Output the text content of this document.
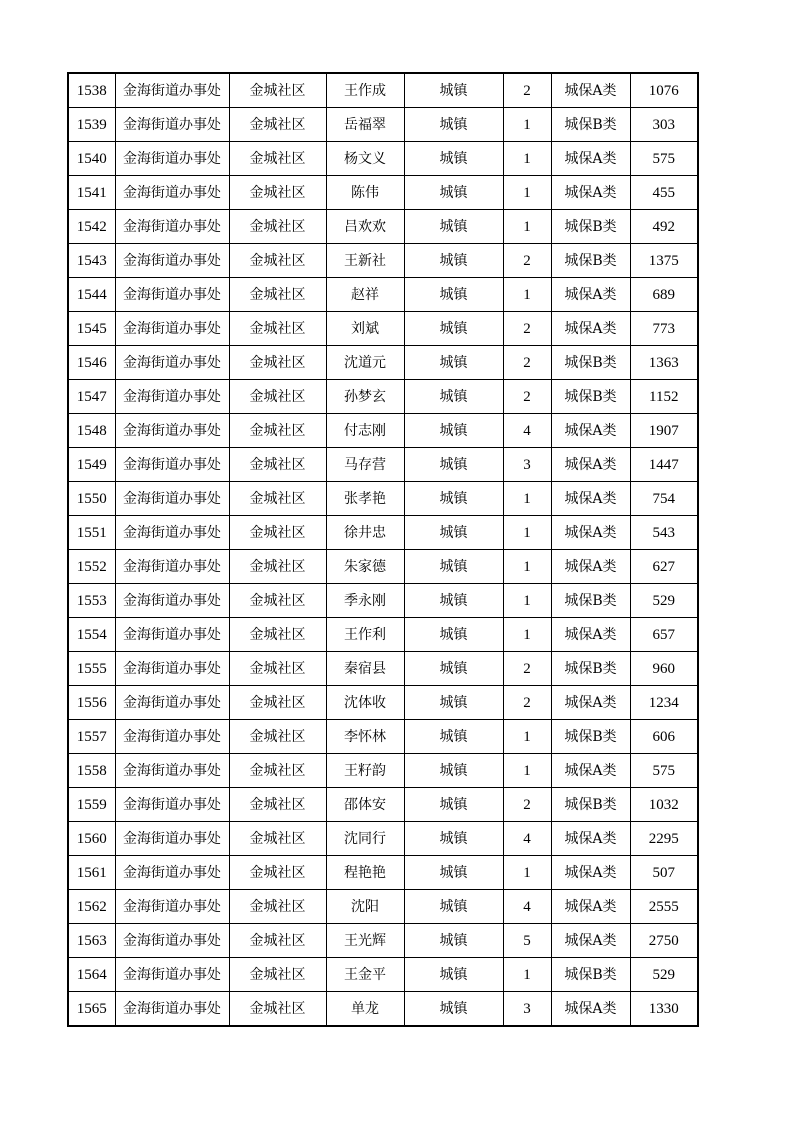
1538	金海街道办事处	金城社区	王作成	城镇	2	城保A类	1076
1539	金海街道办事处	金城社区	岳福翠	城镇	1	城保B类	303
1540	金海街道办事处	金城社区	杨文义	城镇	1	城保A类	575
1541	金海街道办事处	金城社区	陈伟	城镇	1	城保A类	455
1542	金海街道办事处	金城社区	吕欢欢	城镇	1	城保B类	492
1543	金海街道办事处	金城社区	王新社	城镇	2	城保B类	1375
1544	金海街道办事处	金城社区	赵祥	城镇	1	城保A类	689
1545	金海街道办事处	金城社区	刘斌	城镇	2	城保A类	773
1546	金海街道办事处	金城社区	沈道元	城镇	2	城保B类	1363
1547	金海街道办事处	金城社区	孙梦玄	城镇	2	城保B类	1152
1548	金海街道办事处	金城社区	付志刚	城镇	4	城保A类	1907
1549	金海街道办事处	金城社区	马存营	城镇	3	城保A类	1447
1550	金海街道办事处	金城社区	张孝艳	城镇	1	城保A类	754
1551	金海街道办事处	金城社区	徐井忠	城镇	1	城保A类	543
1552	金海街道办事处	金城社区	朱家德	城镇	1	城保A类	627
1553	金海街道办事处	金城社区	季永刚	城镇	1	城保B类	529
1554	金海街道办事处	金城社区	王作利	城镇	1	城保A类	657
1555	金海街道办事处	金城社区	秦宿县	城镇	2	城保B类	960
1556	金海街道办事处	金城社区	沈体收	城镇	2	城保A类	1234
1557	金海街道办事处	金城社区	李怀林	城镇	1	城保B类	606
1558	金海街道办事处	金城社区	王籽韵	城镇	1	城保A类	575
1559	金海街道办事处	金城社区	邵体安	城镇	2	城保B类	1032
1560	金海街道办事处	金城社区	沈同行	城镇	4	城保A类	2295
1561	金海街道办事处	金城社区	程艳艳	城镇	1	城保A类	507
1562	金海街道办事处	金城社区	沈阳	城镇	4	城保A类	2555
1563	金海街道办事处	金城社区	王光辉	城镇	5	城保A类	2750
1564	金海街道办事处	金城社区	王金平	城镇	1	城保B类	529
1565	金海街道办事处	金城社区	单龙	城镇	3	城保A类	1330
